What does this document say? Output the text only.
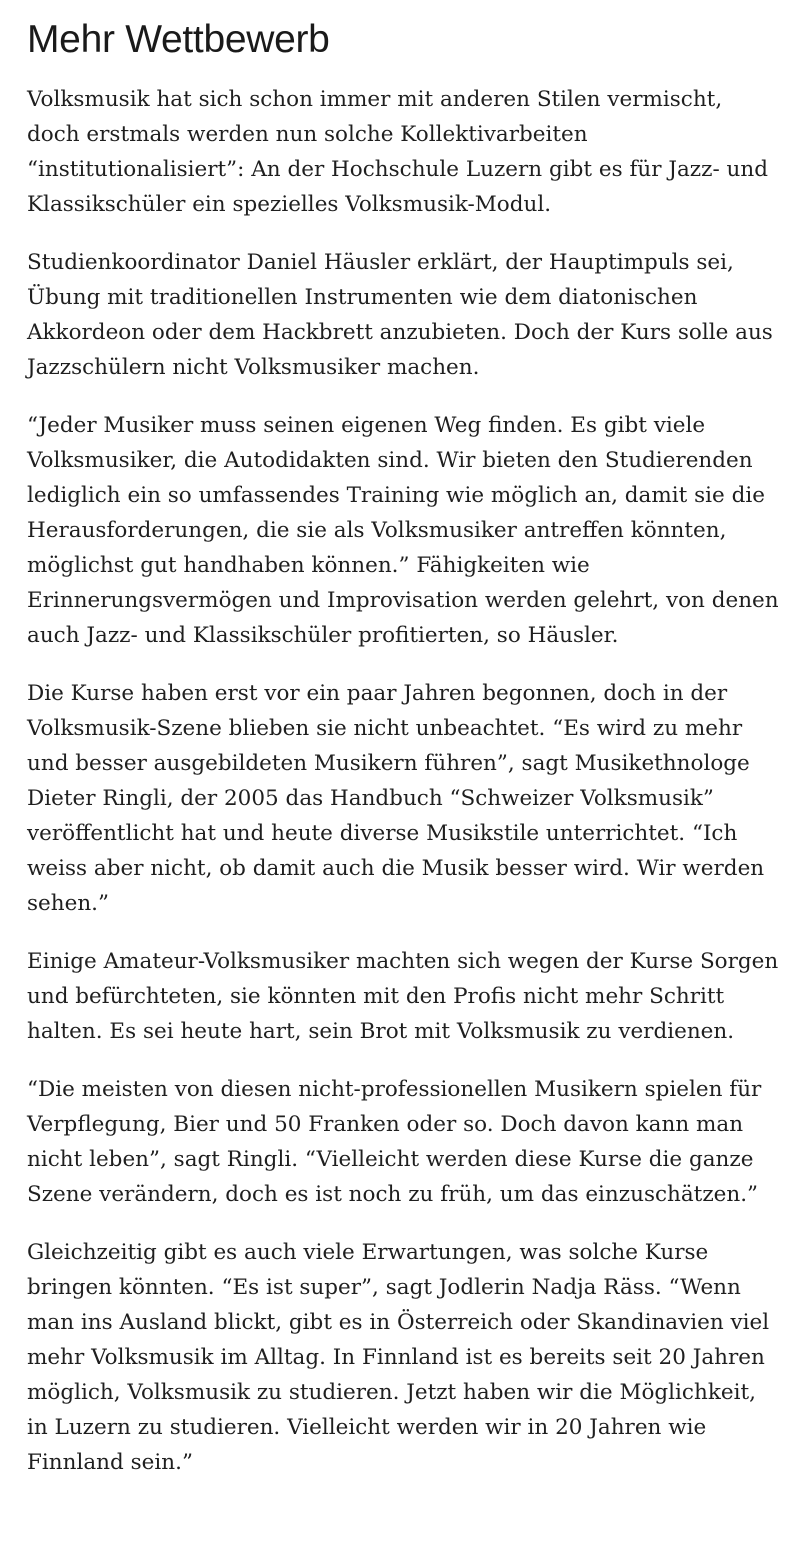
Mehr Wettbewerb

Volksmusik hat sich schon immer mit anderen Stilen vermischt, doch erstmals werden nun solche Kollektivarbeiten “institutionalisiert”: An der Hochschule Luzern gibt es für Jazz- und Klassikschüler ein spezielles Volksmusik-Modul.

Studienkoordinator Daniel Häusler erklärt, der Hauptimpuls sei, Übung mit traditionellen Instrumenten wie dem diatonischen Akkordeon oder dem Hackbrett anzubieten. Doch der Kurs solle aus Jazzschülern nicht Volksmusiker machen.

“Jeder Musiker muss seinen eigenen Weg finden. Es gibt viele Volksmusiker, die Autodidakten sind. Wir bieten den Studierenden lediglich ein so umfassendes Training wie möglich an, damit sie die Herausforderungen, die sie als Volksmusiker antreffen könnten, möglichst gut handhaben können.” Fähigkeiten wie Erinnerungsvermögen und Improvisation werden gelehrt, von denen auch Jazz- und Klassikschüler profitierten, so Häusler.

Die Kurse haben erst vor ein paar Jahren begonnen, doch in der Volksmusik-Szene blieben sie nicht unbeachtet. “Es wird zu mehr und besser ausgebildeten Musikern führen”, sagt Musikethnologe Dieter Ringli, der 2005 das Handbuch “Schweizer Volksmusik” veröffentlicht hat und heute diverse Musikstile unterrichtet. “Ich weiss aber nicht, ob damit auch die Musik besser wird. Wir werden sehen.”

Einige Amateur-Volksmusiker machten sich wegen der Kurse Sorgen und befürchteten, sie könnten mit den Profis nicht mehr Schritt halten. Es sei heute hart, sein Brot mit Volksmusik zu verdienen.

“Die meisten von diesen nicht-professionellen Musikern spielen für Verpflegung, Bier und 50 Franken oder so. Doch davon kann man nicht leben”, sagt Ringli. “Vielleicht werden diese Kurse die ganze Szene verändern, doch es ist noch zu früh, um das einzuschätzen.”

Gleichzeitig gibt es auch viele Erwartungen, was solche Kurse bringen könnten. “Es ist super”, sagt Jodlerin Nadja Räss. “Wenn man ins Ausland blickt, gibt es in Österreich oder Skandinavien viel mehr Volksmusik im Alltag. In Finnland ist es bereits seit 20 Jahren möglich, Volksmusik zu studieren. Jetzt haben wir die Möglichkeit, in Luzern zu studieren. Vielleicht werden wir in 20 Jahren wie Finnland sein.”
